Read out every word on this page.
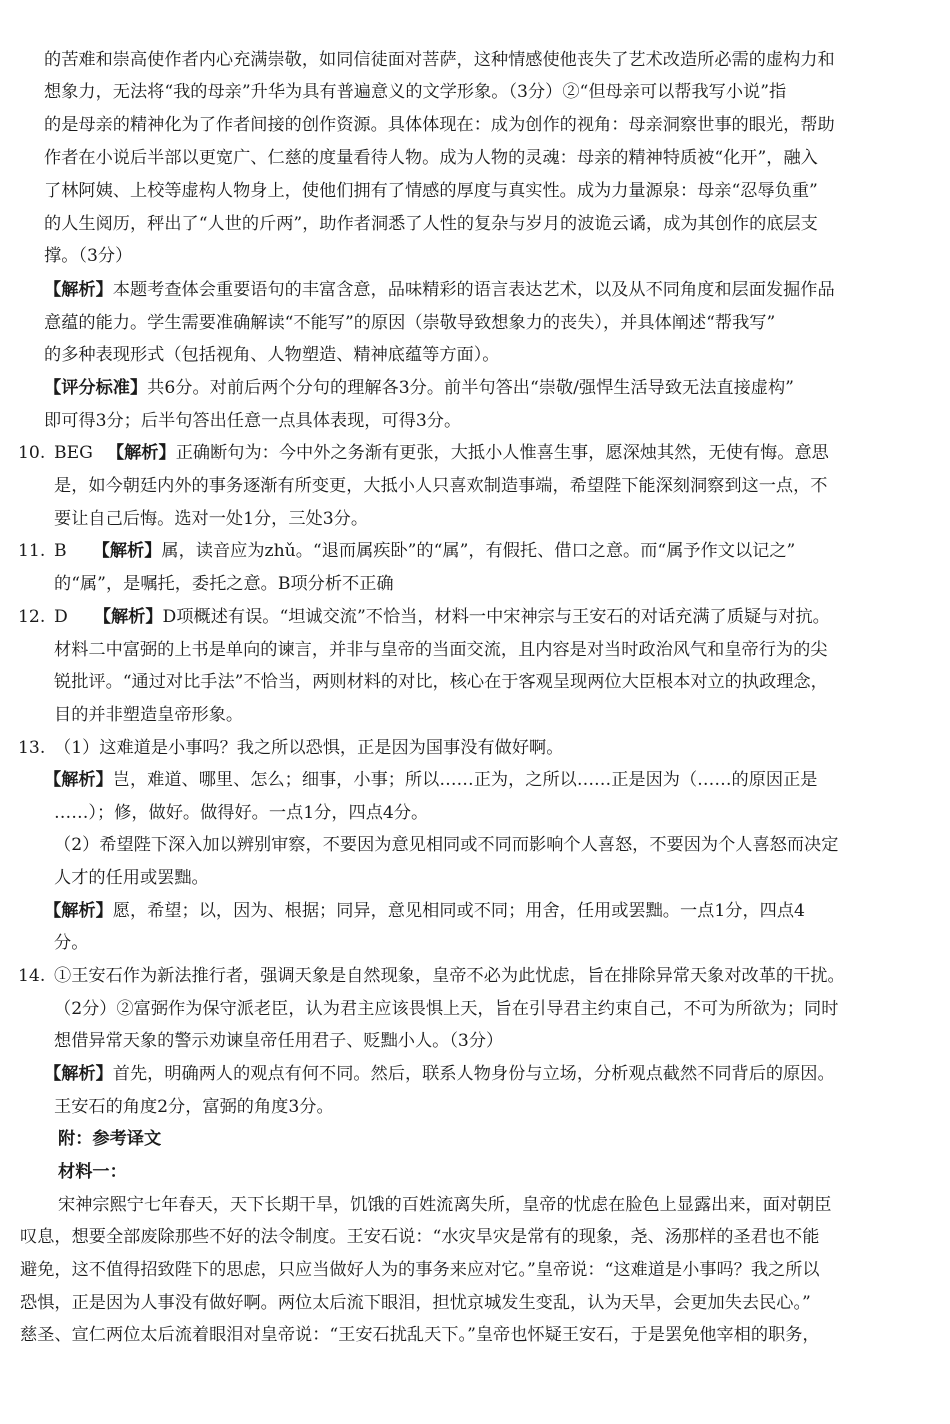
的苦难和崇高使作者内心充满崇敬，如同信徒面对菩萨，这种情感使他丧失了艺术改造所必需的虚构力和
想象力，无法将“我的母亲”升华为具有普遍意义的文学形象。（3分）②“但母亲可以帮我写小说”指
的是母亲的精神化为了作者间接的创作资源。具体体现在：成为创作的视角：母亲洞察世事的眼光，帮助
作者在小说后半部以更宽广、仁慈的度量看待人物。成为人物的灵魂：母亲的精神特质被“化开”，融入
了林阿姨、上校等虚构人物身上，使他们拥有了情感的厚度与真实性。成为力量源泉：母亲“忍辱负重”
的人生阅历，秤出了“人世的斤两”，助作者洞悉了人性的复杂与岁月的波诡云谲，成为其创作的底层支
撑。（3分）
【解析】本题考查体会重要语句的丰富含意，品味精彩的语言表达艺术，以及从不同角度和层面发掘作品
意蕴的能力。学生需要准确解读“不能写”的原因（崇敬导致想象力的丧失），并具体阐述“帮我写”
的多种表现形式（包括视角、人物塑造、精神底蕴等方面）。
【评分标准】共6分。对前后两个分句的理解各3分。前半句答出“崇敬/强悍生活导致无法直接虚构”
即可得3分；后半句答出任意一点具体表现，可得3分。
10. BEG 【解析】正确断句为：今中外之务渐有更张，大抵小人惟喜生事，愿深烛其然，无使有悔。意思
是，如今朝廷内外的事务逐渐有所变更，大抵小人只喜欢制造事端，希望陛下能深刻洞察到这一点，不
要让自己后悔。选对一处1分，三处3分。
11. B 【解析】属，读音应为zhǔ。“退而属疾卧”的“属”，有假托、借口之意。而“属予作文以记之”
的“属”，是嘱托，委托之意。B项分析不正确
12. D 【解析】D项概述有误。“坦诚交流”不恰当，材料一中宋神宗与王安石的对话充满了质疑与对抗。
材料二中富弼的上书是单向的谏言，并非与皇帝的当面交流，且内容是对当时政治风气和皇帝行为的尖
锐批评。“通过对比手法”不恰当，两则材料的对比，核心在于客观呈现两位大臣根本对立的执政理念，
目的并非塑造皇帝形象。
13. （1）这难道是小事吗？我之所以恐惧，正是因为国事没有做好啊。
【解析】岂，难道、哪里、怎么；细事，小事；所以……正为，之所以……正是因为（……的原因正是
……）；修，做好。做得好。一点1分，四点4分。
（2）希望陛下深入加以辨别审察，不要因为意见相同或不同而影响个人喜怒，不要因为个人喜怒而决定
人才的任用或罢黜。
【解析】愿，希望；以，因为、根据；同异，意见相同或不同；用舍，任用或罢黜。一点1分，四点4
分。
14. ①王安石作为新法推行者，强调天象是自然现象，皇帝不必为此忧虑，旨在排除异常天象对改革的干扰。
（2分）②富弼作为保守派老臣，认为君主应该畏惧上天，旨在引导君主约束自己，不可为所欲为；同时
想借异常天象的警示劝谏皇帝任用君子、贬黜小人。（3分）
【解析】首先，明确两人的观点有何不同。然后，联系人物身份与立场，分析观点截然不同背后的原因。
王安石的角度2分，富弼的角度3分。
附：参考译文
材料一：
宋神宗熙宁七年春天，天下长期干旱，饥饿的百姓流离失所，皇帝的忧虑在脸色上显露出来，面对朝臣
叹息，想要全部废除那些不好的法令制度。王安石说：“水灾旱灾是常有的现象，尧、汤那样的圣君也不能
避免，这不值得招致陛下的思虑，只应当做好人为的事务来应对它。”皇帝说：“这难道是小事吗？我之所以
恐惧，正是因为人事没有做好啊。两位太后流下眼泪，担忧京城发生变乱，认为天旱，会更加失去民心。”
慈圣、宣仁两位太后流着眼泪对皇帝说：“王安石扰乱天下。”皇帝也怀疑王安石，于是罢免他宰相的职务，
